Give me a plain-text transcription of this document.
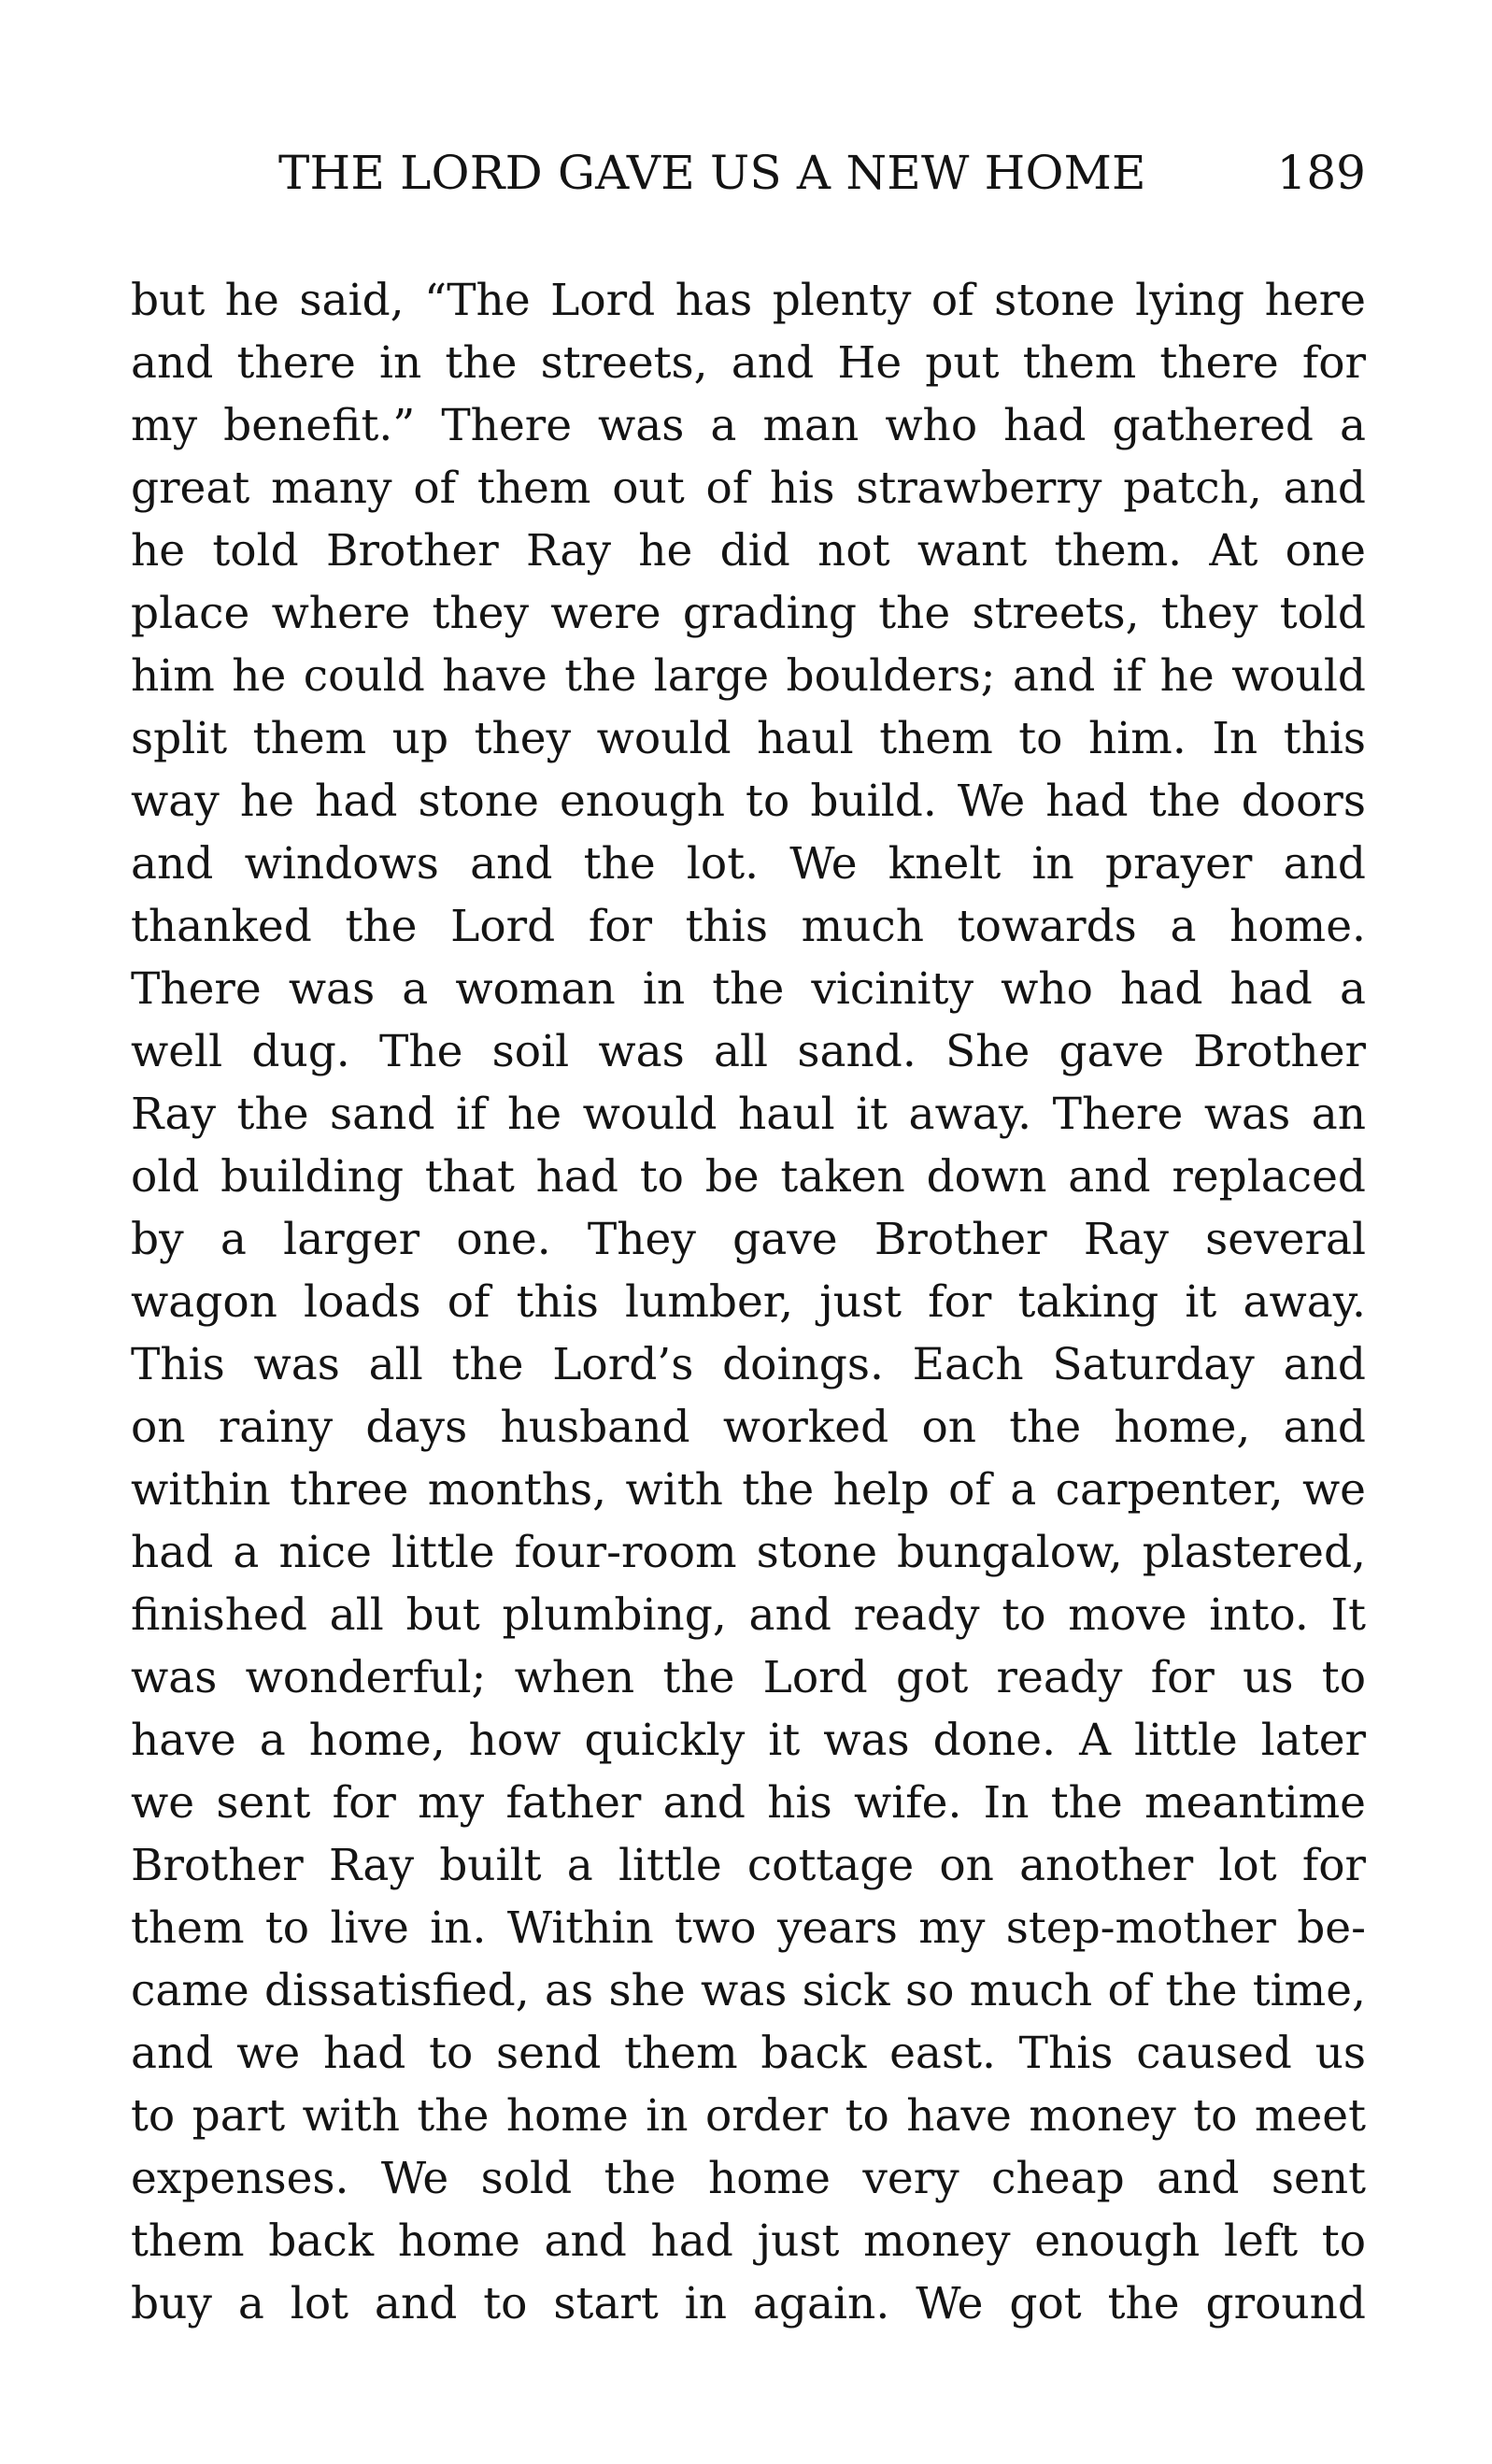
THE LORD GAVE US A NEW HOME	189
but he said, “The Lord has plenty of stone lying here
and there in the streets, and He put them there for
my benefit.” There was a man who had gathered a
great many of them out of his strawberry patch, and
he told Brother Ray he did not want them. At one
place where they were grading the streets, they told
him he could have the large boulders; and if he would
split them up they would haul them to him. In this
way he had stone enough to build. We had the doors
and windows and the lot. We knelt in prayer and
thanked the Lord for this much towards a home.
There was a woman in the vicinity who had had a
well dug. The soil was all sand. She gave Brother
Ray the sand if he would haul it away. There was an
old building that had to be taken down and replaced
by a larger one. They gave Brother Ray several
wagon loads of this lumber, just for taking it away.
This was all the Lord’s doings. Each Saturday and
on rainy days husband worked on the home, and
within three months, with the help of a carpenter, we
had a nice little four-room stone bungalow, plastered,
finished all but plumbing, and ready to move into. It
was wonderful; when the Lord got ready for us to
have a home, how quickly it was done. A little later
we sent for my father and his wife. In the meantime
Brother Ray built a little cottage on another lot for
them to live in. Within two years my step-mother be-
came dissatisfied, as she was sick so much of the time,
and we had to send them back east. This caused us
to part with the home in order to have money to meet
expenses. We sold the home very cheap and sent
them back home and had just money enough left to
buy a lot and to start in again. We got the ground
